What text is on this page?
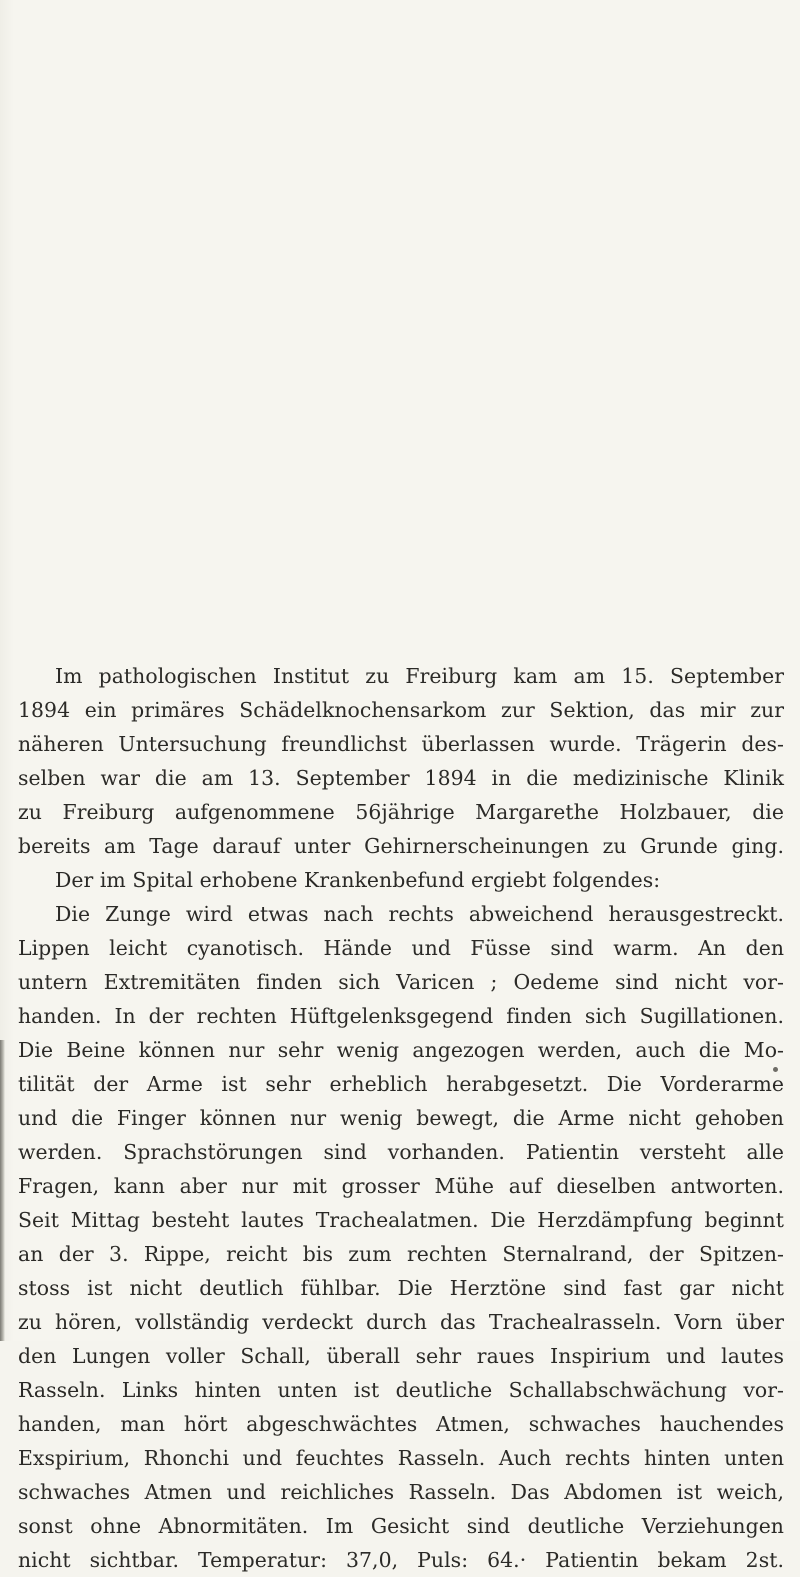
Im pathologischen Institut zu Freiburg kam am 15. September
1894 ein primäres Schädelknochensarkom zur Sektion, das mir zur
näheren Untersuchung freundlichst überlassen wurde. Trägerin des-
selben war die am 13. September 1894 in die medizinische Klinik
zu Freiburg aufgenommene 56jährige Margarethe Holzbauer, die
bereits am Tage darauf unter Gehirnerscheinungen zu Grunde ging.
Der im Spital erhobene Krankenbefund ergiebt folgendes:
Die Zunge wird etwas nach rechts abweichend herausgestreckt.
Lippen leicht cyanotisch. Hände und Füsse sind warm. An den
untern Extremitäten finden sich Varicen ; Oedeme sind nicht vor-
handen. In der rechten Hüftgelenksgegend finden sich Sugillationen.
Die Beine können nur sehr wenig angezogen werden, auch die Mo-
tilität der Arme ist sehr erheblich herabgesetzt. Die Vorderarme
und die Finger können nur wenig bewegt, die Arme nicht gehoben
werden. Sprachstörungen sind vorhanden. Patientin versteht alle
Fragen, kann aber nur mit grosser Mühe auf dieselben antworten.
Seit Mittag besteht lautes Trachealatmen. Die Herzdämpfung beginnt
an der 3. Rippe, reicht bis zum rechten Sternalrand, der Spitzen-
stoss ist nicht deutlich fühlbar. Die Herztöne sind fast gar nicht
zu hören, vollständig verdeckt durch das Trachealrasseln. Vorn über
den Lungen voller Schall, überall sehr raues Inspirium und lautes
Rasseln. Links hinten unten ist deutliche Schallabschwächung vor-
handen, man hört abgeschwächtes Atmen, schwaches hauchendes
Exspirium, Rhonchi und feuchtes Rasseln. Auch rechts hinten unten
schwaches Atmen und reichliches Rasseln. Das Abdomen ist weich,
sonst ohne Abnormitäten. Im Gesicht sind deutliche Verziehungen
nicht sichtbar. Temperatur: 37,0, Puls: 64.· Patientin bekam 2st.
